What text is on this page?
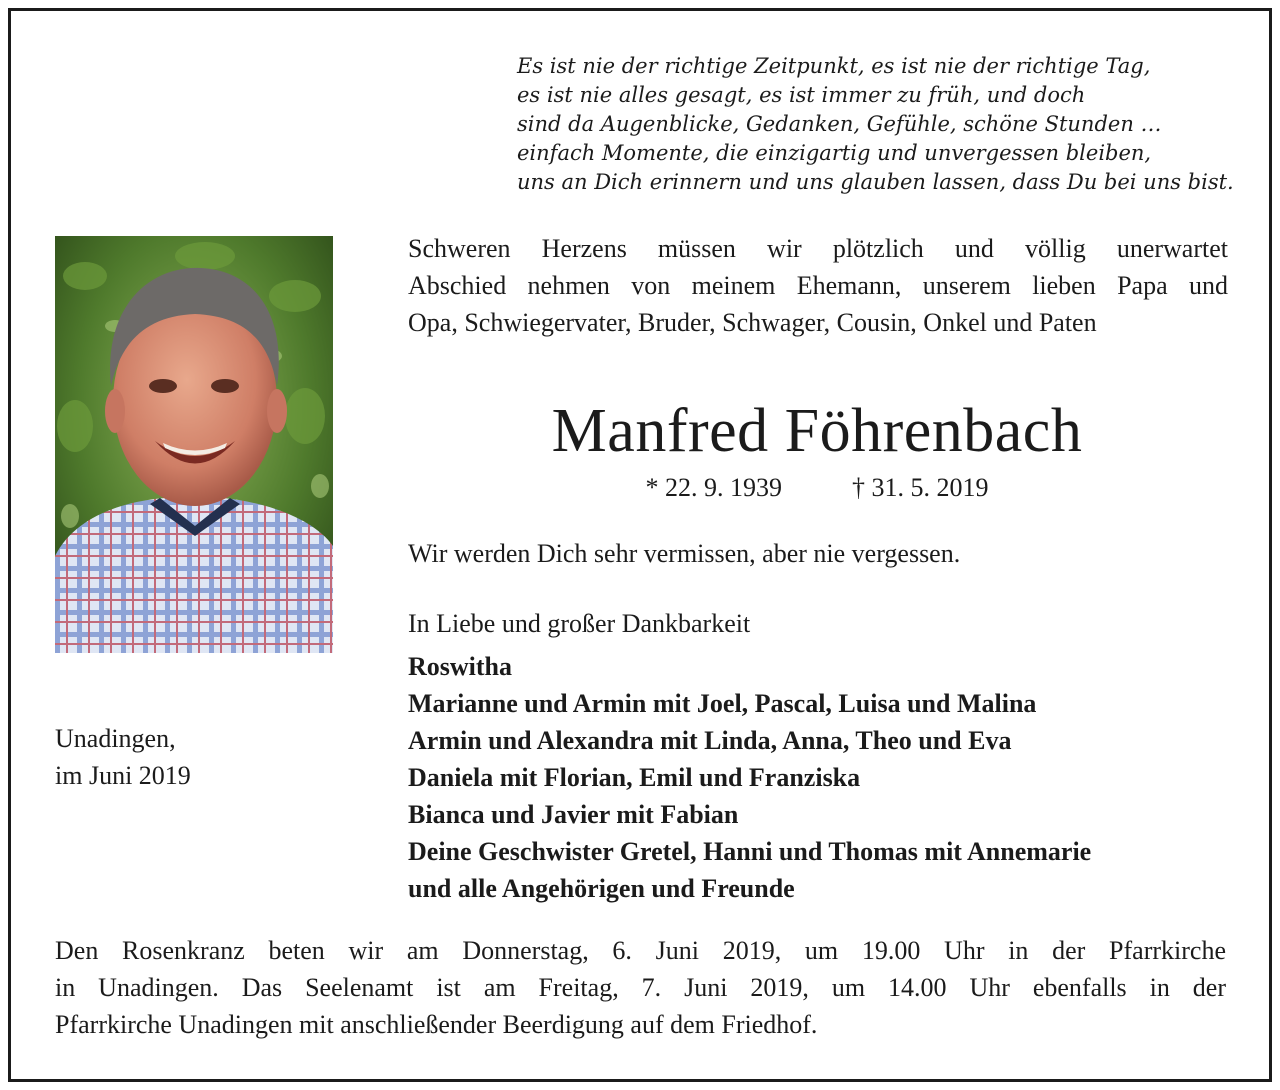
Es ist nie der richtige Zeitpunkt, es ist nie der richtige Tag,
es ist nie alles gesagt, es ist immer zu früh, und doch
sind da Augenblicke, Gedanken, Gefühle, schöne Stunden …
einfach Momente, die einzigartig und unvergessen bleiben,
uns an Dich erinnern und uns glauben lassen, dass Du bei uns bist.

Schweren Herzens müssen wir plötzlich und völlig unerwartet
Abschied nehmen von meinem Ehemann, unserem lieben Papa und
Opa, Schwiegervater, Bruder, Schwager, Cousin, Onkel und Paten

Manfred Föhrenbach
* 22. 9. 1939	† 31. 5. 2019

Wir werden Dich sehr vermissen, aber nie vergessen.

In Liebe und großer Dankbarkeit

Roswitha
Marianne und Armin mit Joel, Pascal, Luisa und Malina
Armin und Alexandra mit Linda, Anna, Theo und Eva
Daniela mit Florian, Emil und Franziska
Bianca und Javier mit Fabian
Deine Geschwister Gretel, Hanni und Thomas mit Annemarie
und alle Angehörigen und Freunde

Unadingen,
im Juni 2019

Den Rosenkranz beten wir am Donnerstag, 6. Juni 2019, um 19.00 Uhr in der Pfarrkirche
in Unadingen. Das Seelenamt ist am Freitag, 7. Juni 2019, um 14.00 Uhr ebenfalls in der
Pfarrkirche Unadingen mit anschließender Beerdigung auf dem Friedhof.
